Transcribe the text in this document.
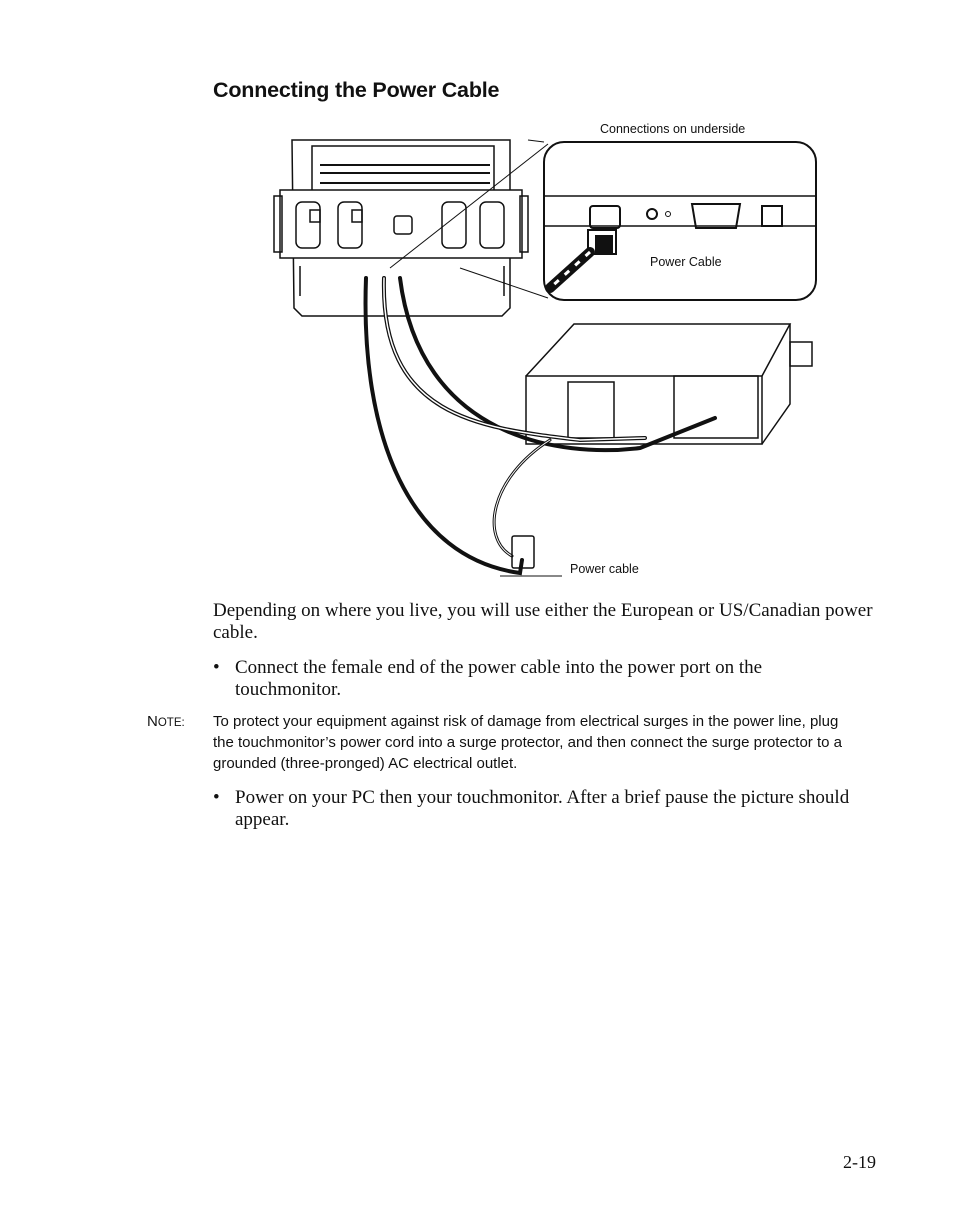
Connecting the Power Cable
Connections on underside
Power Cable
Power cable

Depending on where you live, you will use either the European or US/Canadian power cable.

• Connect the female end of the power cable into the power port on the touchmonitor.
NOTE: To protect your equipment against risk of damage from electrical surges in the power line, plug the touchmonitor’s power cord into a surge protector, and then connect the surge protector to a grounded (three-pronged) AC electrical outlet.

• Power on your PC then your touchmonitor. After a brief pause the picture should appear.
2-19
